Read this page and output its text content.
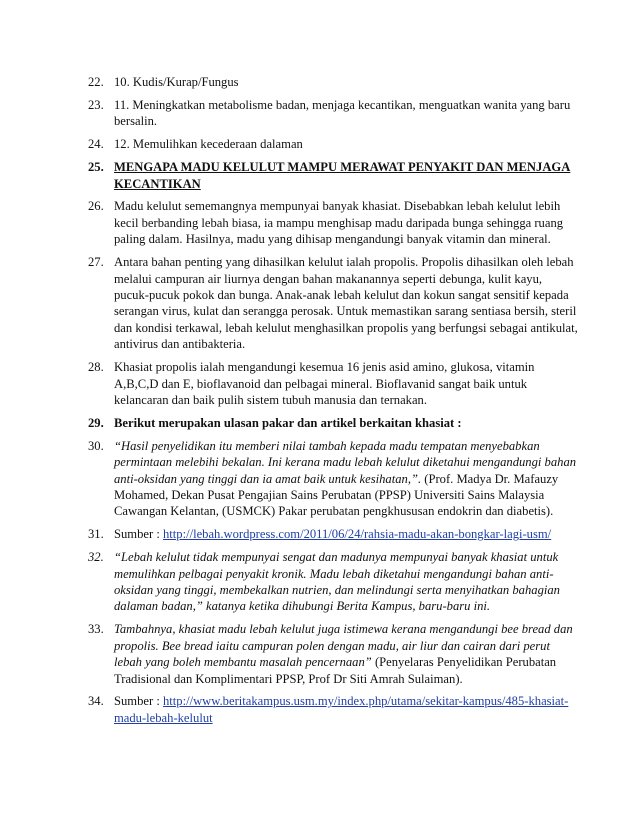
22. 10. Kudis/Kurap/Fungus
23. 11. Meningkatkan metabolisme badan, menjaga kecantikan, menguatkan wanita yang baru bersalin.
24. 12. Memulihkan kecederaan dalaman
25. MENGAPA MADU KELULUT MAMPU MERAWAT PENYAKIT DAN MENJAGA KECANTIKAN
26. Madu kelulut sememangnya mempunyai banyak khasiat. Disebabkan lebah kelulut lebih kecil berbanding lebah biasa, ia mampu menghisap madu daripada bunga sehingga ruang paling dalam. Hasilnya, madu yang dihisap mengandungi banyak vitamin dan mineral.
27. Antara bahan penting yang dihasilkan kelulut ialah propolis. Propolis dihasilkan oleh lebah melalui campuran air liurnya dengan bahan makanannya seperti debunga, kulit kayu, pucuk-pucuk pokok dan bunga. Anak-anak lebah kelulut dan kokun sangat sensitif kepada serangan virus, kulat dan serangga perosak. Untuk memastikan sarang sentiasa bersih, steril dan kondisi terkawal, lebah kelulut menghasilkan propolis yang berfungsi sebagai antikulat, antivirus dan antibakteria.
28. Khasiat propolis ialah mengandungi kesemua 16 jenis asid amino, glukosa, vitamin A,B,C,D dan E, bioflavanoid dan pelbagai mineral. Bioflavanid sangat baik untuk kelancaran dan baik pulih sistem tubuh manusia dan ternakan.
29. Berikut merupakan ulasan pakar dan artikel berkaitan khasiat :
30. “Hasil penyelidikan itu memberi nilai tambah kepada madu tempatan menyebabkan permintaan melebihi bekalan. Ini kerana madu lebah kelulut diketahui mengandungi bahan anti-oksidan yang tinggi dan ia amat baik untuk kesihatan,”. (Prof. Madya Dr. Mafauzy Mohamed, Dekan Pusat Pengajian Sains Perubatan (PPSP) Universiti Sains Malaysia Cawangan Kelantan, (USMCK) Pakar perubatan pengkhususan endokrin dan diabetis).
31. Sumber : http://lebah.wordpress.com/2011/06/24/rahsia-madu-akan-bongkar-lagi-usm/
32. “Lebah kelulut tidak mempunyai sengat dan madunya mempunyai banyak khasiat untuk memulihkan pelbagai penyakit kronik. Madu lebah diketahui mengandungi bahan anti-oksidan yang tinggi, membekalkan nutrien, dan melindungi serta menyihatkan bahagian dalaman badan,” katanya ketika dihubungi Berita Kampus, baru-baru ini.
33. Tambahnya, khasiat madu lebah kelulut juga istimewa kerana mengandungi bee bread dan propolis. Bee bread iaitu campuran polen dengan madu, air liur dan cairan dari perut lebah yang boleh membantu masalah pencernaan” (Penyelaras Penyelidikan Perubatan Tradisional dan Komplimentari PPSP, Prof Dr Siti Amrah Sulaiman).
34. Sumber : http://www.beritakampus.usm.my/index.php/utama/sekitar-kampus/485-khasiat-madu-lebah-kelulut
